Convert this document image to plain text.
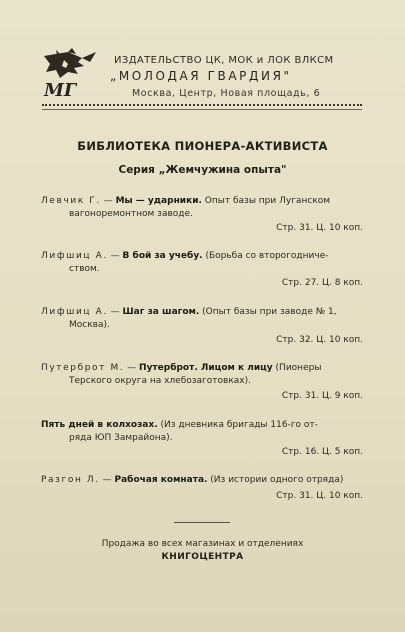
МГ
ИЗДАТЕЛЬСТВО ЦК, МОК и ЛОК ВЛКСМ
„МОЛОДАЯ ГВАРДИЯ"
Москва, Центр, Новая площадь, 6
БИБЛИОТЕКА ПИОНЕРА-АКТИВИСТА
Серия „Жемчужина опыта"
Левчик Г. — Мы — ударники. Опыт базы при Луганском
вагоноремонтном заводе.
Стр. 31. Ц. 10 коп.
Лифшиц А. — В бой за учебу. (Борьба со второгодниче-
ством.
Стр. 27. Ц. 8 коп.
Лифшиц А. — Шаг за шагом. (Опыт базы при заводе № 1,
Москва).
Стр. 32. Ц. 10 коп.
Путерброт М. — Путерброт. Лицом к лицу (Пионеры
Терского округа на хлебозаготовках).
Стр. 31. Ц. 9 коп.
Пять дней в колхозах. (Из дневника бригады 116-го от-
ряда ЮП Замрайона).
Стр. 16. Ц. 5 коп.
Разгон Л. — Рабочая комната. (Из истории одного отряда)
Стр. 31. Ц. 10 коп.
Продажа во всех магазинах и отделениях
КНИГОЦЕНТРА
